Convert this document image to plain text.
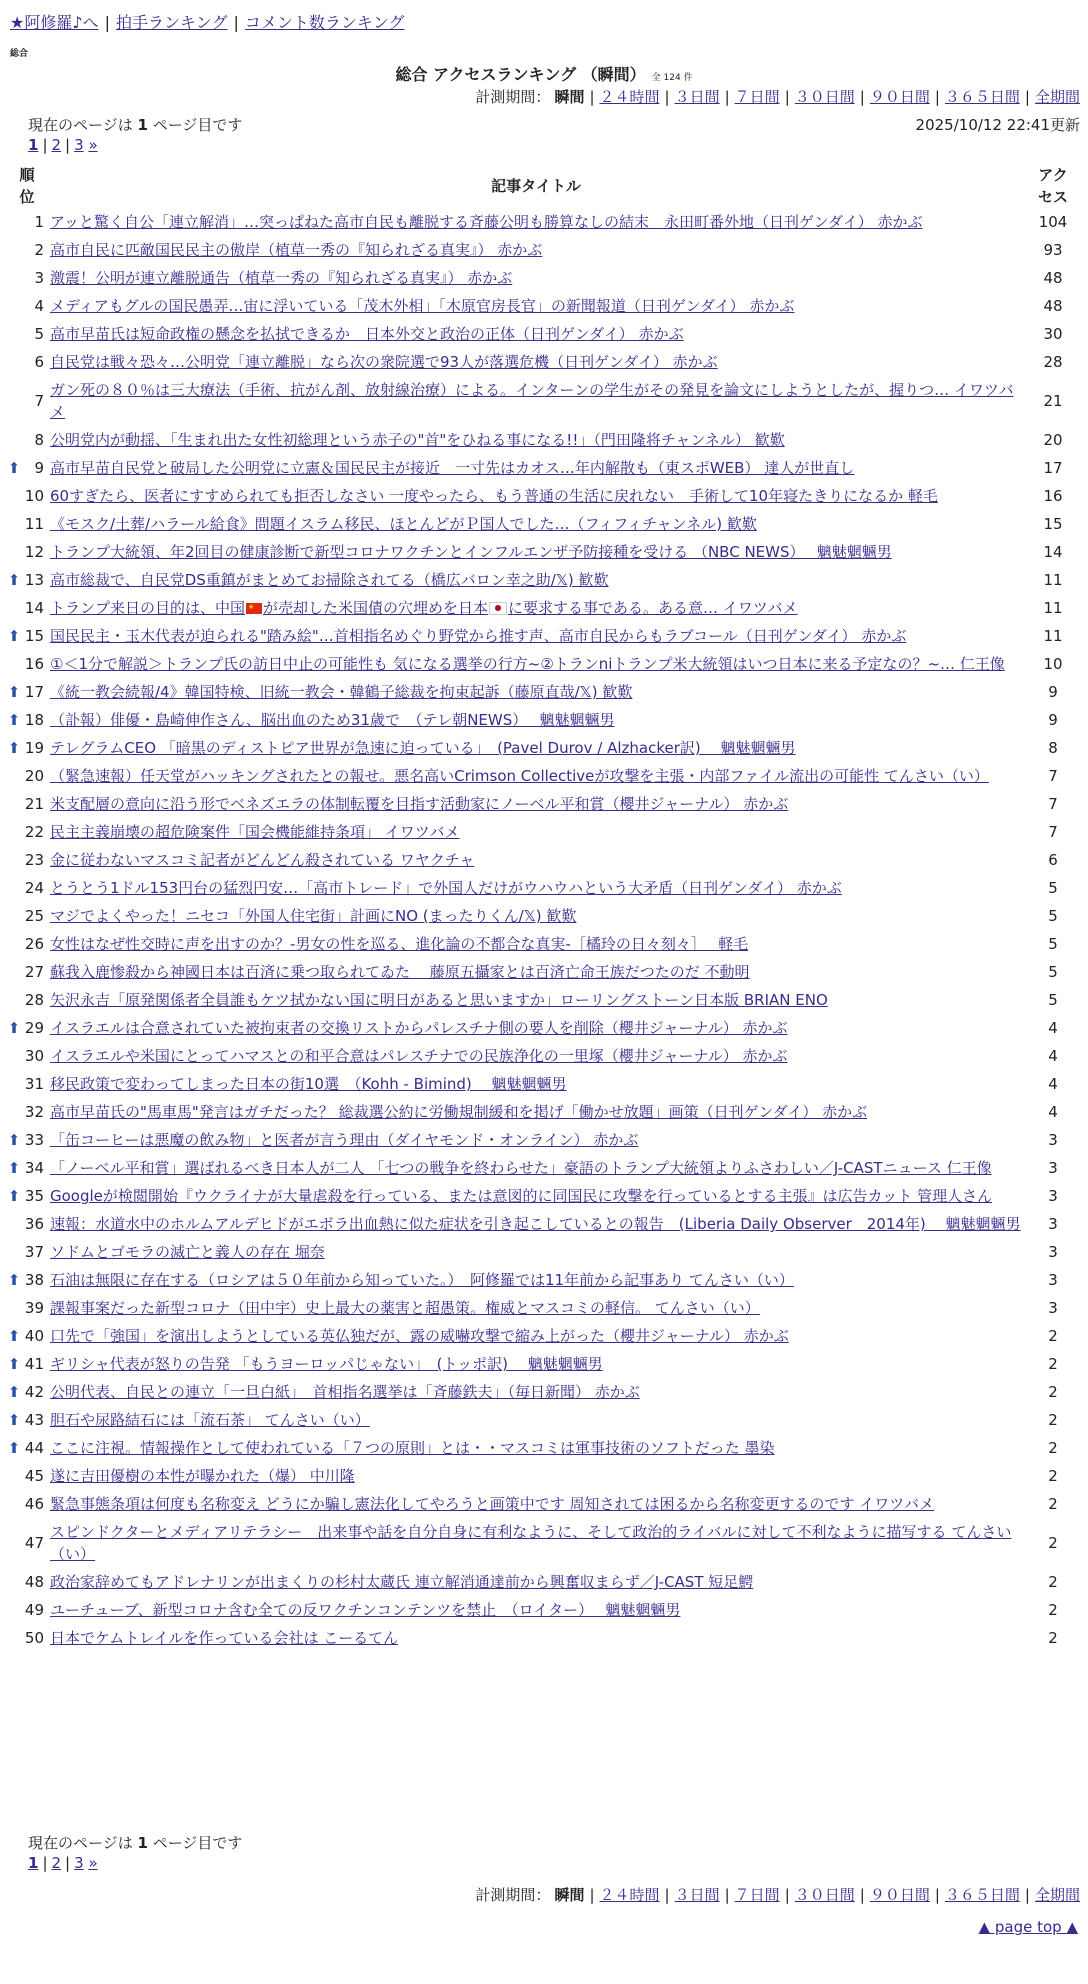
★阿修羅♪へ | 拍手ランキング | コメント数ランキング
総合
総合 アクセスランキング （瞬間） 全 124 件
計測期間： 瞬間 | ２４時間 | ３日間 | ７日間 | ３０日間 | ９０日間 | ３６５日間 | 全期間
現在のページは 1 ページ目です	2025/10/12 22:41更新
1 | 2 | 3 »
順
位		記事タイトル	アク
セス
	1	アッと驚く自公「連立解消」…突っぱねた高市自民も離脱する斉藤公明も勝算なしの結末　永田町番外地（日刊ゲンダイ） 赤かぶ	104
	2	高市自民に匹敵国民民主の傲岸（植草一秀の『知られざる真実』） 赤かぶ	93
	3	激震！公明が連立離脱通告（植草一秀の『知られざる真実』） 赤かぶ	48
	4	メディアもグルの国民愚弄…宙に浮いている「茂木外相」「木原官房長官」の新聞報道（日刊ゲンダイ） 赤かぶ	48
	5	高市早苗氏は短命政権の懸念を払拭できるか　日本外交と政治の正体（日刊ゲンダイ） 赤かぶ	30
	6	自民党は戦々恐々…公明党「連立離脱」なら次の衆院選で93人が落選危機（日刊ゲンダイ） 赤かぶ	28
	7	ガン死の８０％は三大療法（手術、抗がん剤、放射線治療）による。インターンの学生がその発見を論文にしようとしたが、握りつ… イワツバメ	21
	8	公明党内が動揺、「生まれ出た女性初総理という赤子の"首"をひねる事になる!!」（門田隆将チャンネル） 歓歎	20
⬆	9	高市早苗自民党と破局した公明党に立憲＆国民民主が接近　一寸先はカオス…年内解散も（東スポWEB） 達人が世直し	17
	10	60すぎたら、医者にすすめられても拒否しなさい 一度やったら、もう普通の生活に戻れない　手術して10年寝たきりになるか 軽毛	16
	11	《モスク/土葬/ハラール給食》問題イスラム移民、ほとんどがＰ国人でした…（フィフィチャンネル) 歓歎	15
	12	トランプ大統領、年2回目の健康診断で新型コロナワクチンとインフルエンザ予防接種を受ける （NBC NEWS）　 魑魅魍魎男	14
⬆	13	高市総裁で、自民党DS重鎮がまとめてお掃除されてる（橋広バロン幸之助/𝕏) 歓歎	11
	14	トランプ来日の目的は、中国 ★ が売却した米国債の穴埋めを日本 に要求する事である。ある意… イワツバメ	11
⬆	15	国民民主・玉木代表が迫られる"踏み絵"…首相指名めぐり野党から推す声、高市自民からもラブコール（日刊ゲンダイ） 赤かぶ	11
	16	①＜1分で解説＞トランプ氏の訪日中止の可能性も 気になる選挙の行方~②トランniトランプ米大統領はいつ日本に来る予定なの？~… 仁王像	10
⬆	17	《統一教会続報/4》韓国特検、旧統一教会・韓鶴子総裁を拘束起訴（藤原直哉/𝕏) 歓歎	9
⬆	18	（訃報）俳優・島崎伸作さん、脳出血のため31歳で　（テレ朝NEWS）　 魑魅魍魎男	9
⬆	19	テレグラムCEO 「暗黒のディストピア世界が急速に迫っている」　(Pavel Durov / Alzhacker訳)　 魑魅魍魎男	8
	20	（緊急速報）任天堂がハッキングされたとの報せ。悪名高いCrimson Collectiveが攻撃を主張・内部ファイル流出の可能性 てんさい（い）	7
	21	米支配層の意向に沿う形でベネズエラの体制転覆を目指す活動家にノーベル平和賞（櫻井ジャーナル） 赤かぶ	7
	22	民主主義崩壊の超危険案件「国会機能維持条項」 イワツバメ	7
	23	金に従わないマスコミ記者がどんどん殺されている ワヤクチャ	6
	24	とうとう1ドル153円台の猛烈円安…「高市トレード」で外国人だけがウハウハという大矛盾（日刊ゲンダイ） 赤かぶ	5
	25	マジでよくやった！ニセコ「外国人住宅街」計画にNO (まったりくん/𝕏) 歓歎	5
	26	女性はなぜ性交時に声を出すのか？-男女の性を巡る、進化論の不都合な真実-［橘玲の日々刻々］　 軽毛	5
	27	蘇我入鹿惨殺から神國日本は百済に乗つ取られてゐた　 藤原五攝家とは百済亡命王族だつたのだ 不動明	5
	28	矢沢永吉「原発関係者全員誰もケツ拭かない国に明日があると思いますか」ローリングストーン日本版 BRIAN ENO	5
⬆	29	イスラエルは合意されていた被拘束者の交換リストからパレスチナ側の要人を削除（櫻井ジャーナル） 赤かぶ	4
	30	イスラエルや米国にとってハマスとの和平合意はパレスチナでの民族浄化の一里塚（櫻井ジャーナル） 赤かぶ	4
	31	移民政策で変わってしまった日本の街10選　（Kohh - Bimind)　 魑魅魍魎男	4
	32	高市早苗氏の"馬車馬"発言はガチだった？ 総裁選公約に労働規制緩和を掲げ「働かせ放題」画策（日刊ゲンダイ） 赤かぶ	4
⬆	33	「缶コーヒーは悪魔の飲み物」と医者が言う理由（ダイヤモンド・オンライン） 赤かぶ	3
⬆	34	「ノーベル平和賞」選ばれるべき日本人が二人 「七つの戦争を終わらせた」豪語のトランプ大統領よりふさわしい／J-CASTニュース 仁王像	3
⬆	35	Googleが検閲開始『ウクライナが大量虐殺を行っている、または意図的に同国民に攻撃を行っているとする主張』は広告カット 管理人さん	3
	36	速報：水道水中のホルムアルデヒドがエボラ出血熱に似た症状を引き起こしているとの報告　(Liberia Daily Observer　2014年)　 魑魅魍魎男	3
	37	ソドムとゴモラの滅亡と義人の存在 堀奈	3
⬆	38	石油は無限に存在する（ロシアは５０年前から知っていた。）　阿修羅では11年前から記事あり てんさい（い）	3
	39	課報事案だった新型コロナ（田中宇）史上最大の薬害と超愚策。権威とマスコミの軽信。 てんさい（い）	3
⬆	40	口先で「強国」を演出しようとしている英仏独だが、露の威嚇攻撃で縮み上がった（櫻井ジャーナル） 赤かぶ	2
⬆	41	ギリシャ代表が怒りの告発 「もうヨーロッパじゃない」　(トッポ訳)　 魑魅魍魎男	2
⬆	42	公明代表、自民との連立「一旦白紙」　首相指名選挙は「斉藤鉄夫」（毎日新聞） 赤かぶ	2
⬆	43	胆石や尿路結石には「流石茶」 てんさい（い）	2
⬆	44	ここに注視。情報操作として使われている「７つの原則」とは・・マスコミは軍事技術のソフトだった 墨染	2
	45	遂に吉田優樹の本性が曝かれた（爆） 中川隆	2
	46	緊急事態条項は何度も名称変え どうにか騙し憲法化してやろうと画策中です 周知されては困るから名称変更するのです イワツバメ	2
	47	スピンドクターとメディアリテラシー　出来事や話を自分自身に有利なように、そして政治的ライバルに対して不利なように描写する てんさい（い）	2
	48	政治家辞めてもアドレナリンが出まくりの杉村太蔵氏 連立解消通達前から興奮収まらず／J-CAST 短足鰐	2
	49	ユーチューブ、新型コロナ含む全ての反ワクチンコンテンツを禁止　（ロイター）　 魑魅魍魎男	2
	50	日本でケムトレイルを作っている会社は こーるてん	2
現在のページは 1 ページ目です
1 | 2 | 3 »
計測期間： 瞬間 | ２４時間 | ３日間 | ７日間 | ３０日間 | ９０日間 | ３６５日間 | 全期間
▲ page top ▲
